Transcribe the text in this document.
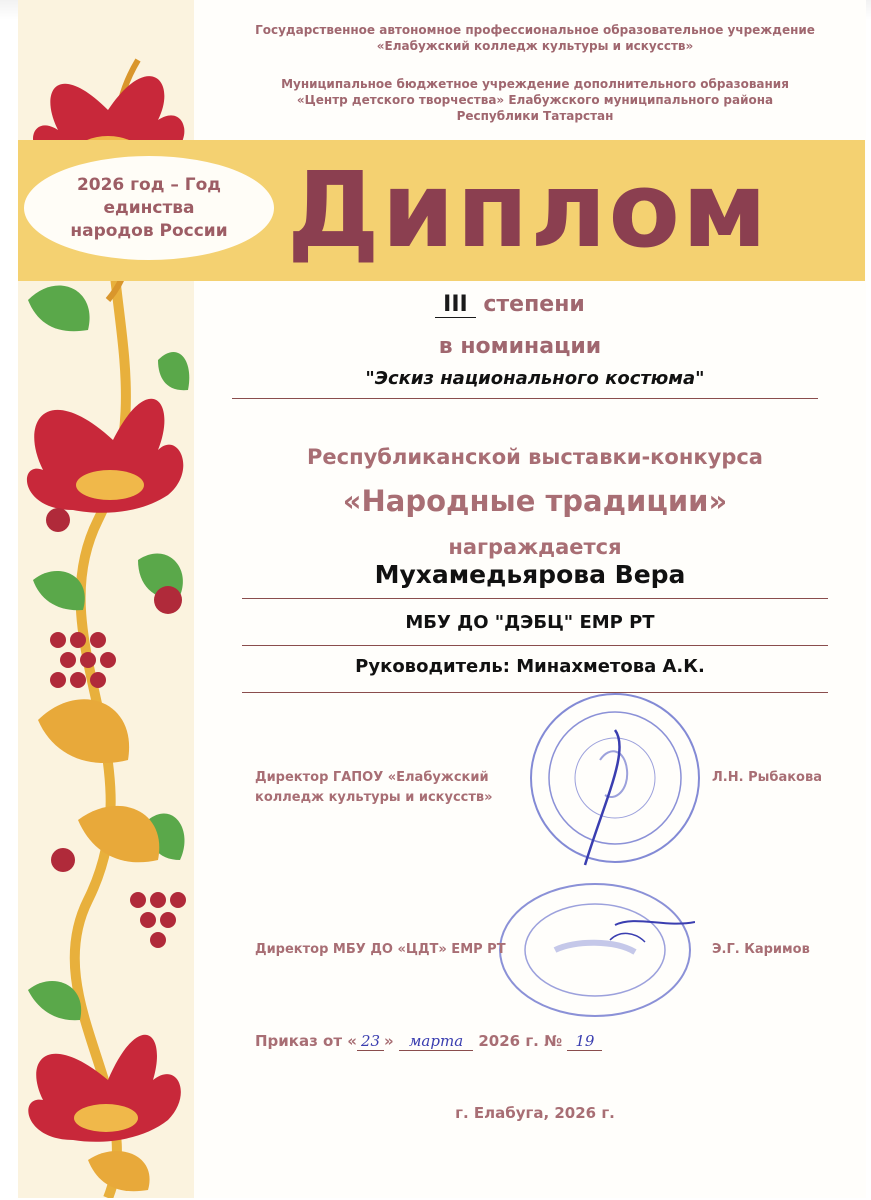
Государственное автономное профессиональное образовательное учреждение
«Елабужский колледж культуры и искусств»
Муниципальное бюджетное учреждение дополнительного образования
«Центр детского творчества» Елабужского муниципального района
Республики Татарстан
2026 год – Год
единства
народов России Диплом
III степени
в номинации
"Эскиз национального костюма"
Республиканской выставки-конкурса
«Народные традиции»
награждается
Мухамедьярова Вера
МБУ ДО "ДЭБЦ" ЕМР РТ
Руководитель: Минахметова А.К.
Директор ГАПОУ «Елабужский
колледж культуры и искусств»
Л.Н. Рыбакова
Директор МБУ ДО «ЦДТ» ЕМР РТ	Э.Г. Каримов
Приказ от « 23 » марта 2026 г. № 19
г. Елабуга, 2026 г.
